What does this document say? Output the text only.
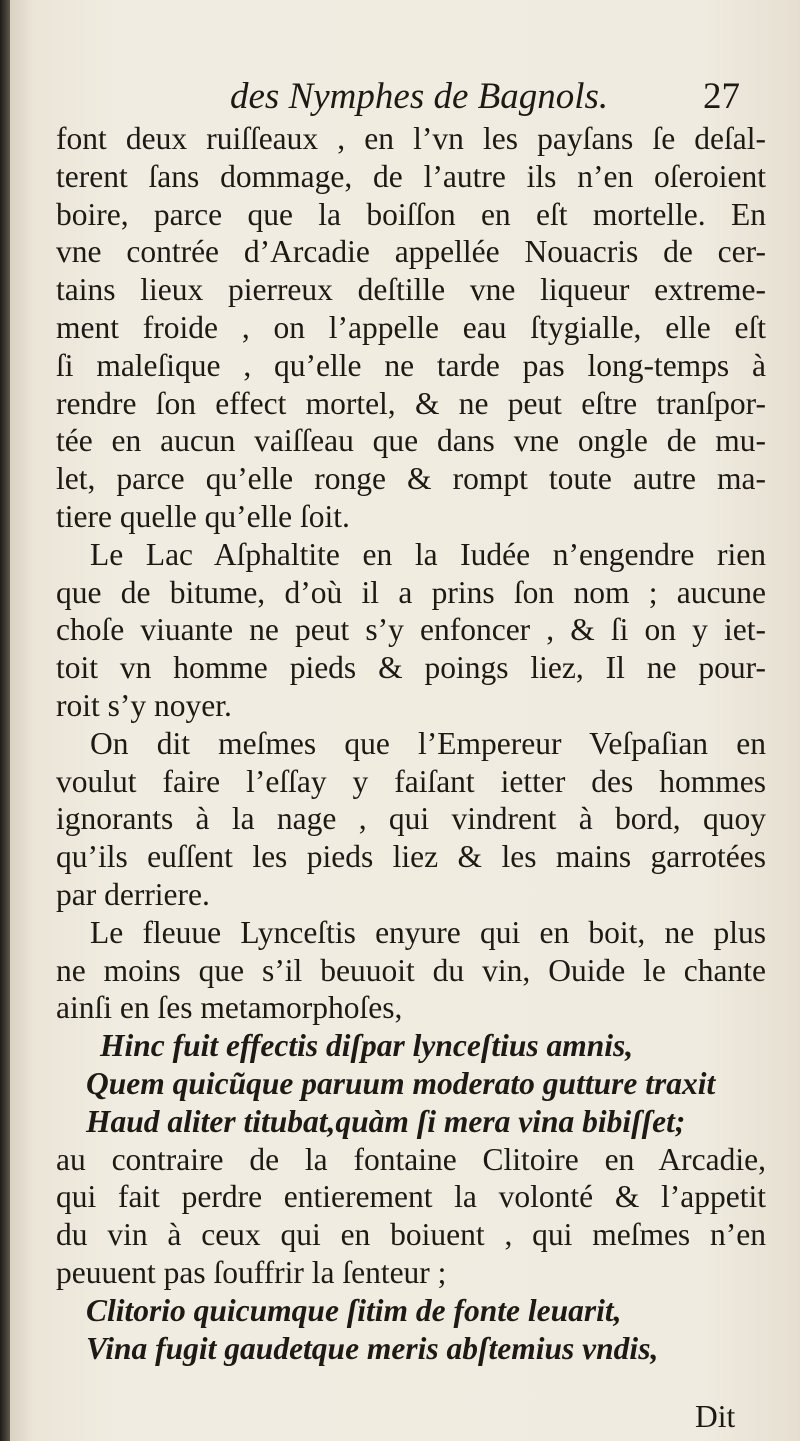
des Nymphes de Bagnols.	27
font deux ruiſſeaux , en l’vn les payſans ſe deſal-
terent ſans dommage, de l’autre ils n’en oſeroient
boire, parce que la boiſſon en eſt mortelle. En
vne contrée d’Arcadie appellée Nouacris de cer-
tains lieux pierreux deſtille vne liqueur extreme-
ment froide , on l’appelle eau ſtygialle, elle eſt
ſi maleſique , qu’elle ne tarde pas long-temps à
rendre ſon effect mortel, & ne peut eſtre tranſpor-
tée en aucun vaiſſeau que dans vne ongle de mu-
let, parce qu’elle ronge & rompt toute autre ma-
tiere quelle qu’elle ſoit.
Le Lac Aſphaltite en la Iudée n’engendre rien
que de bitume, d’où il a prins ſon nom ; aucune
choſe viuante ne peut s’y enfoncer , & ſi on y iet-
toit vn homme pieds & poings liez, Il ne pour-
roit s’y noyer.
On dit meſmes que l’Empereur Veſpaſian en
voulut faire l’eſſay y faiſant ietter des hommes
ignorants à la nage , qui vindrent à bord, quoy
qu’ils euſſent les pieds liez & les mains garrotées
par derriere.
Le fleuue Lynceſtis enyure qui en boit, ne plus
ne moins que s’il beuuoit du vin, Ouide le chante
ainſi en ſes metamorphoſes,
Hinc fuit effectis diſpar lynceſtius amnis,
Quem quicũque paruum moderato gutture traxit
Haud aliter titubat,quàm ſi mera vina bibiſſet;
au contraire de la fontaine Clitoire en Arcadie,
qui fait perdre entierement la volonté & l’appetit
du vin à ceux qui en boiuent , qui meſmes n’en
peuuent pas ſouffrir la ſenteur ;
Clitorio quicumque ſitim de fonte leuarit,
Vina fugit gaudetque meris abſtemius vndis,
Dit
